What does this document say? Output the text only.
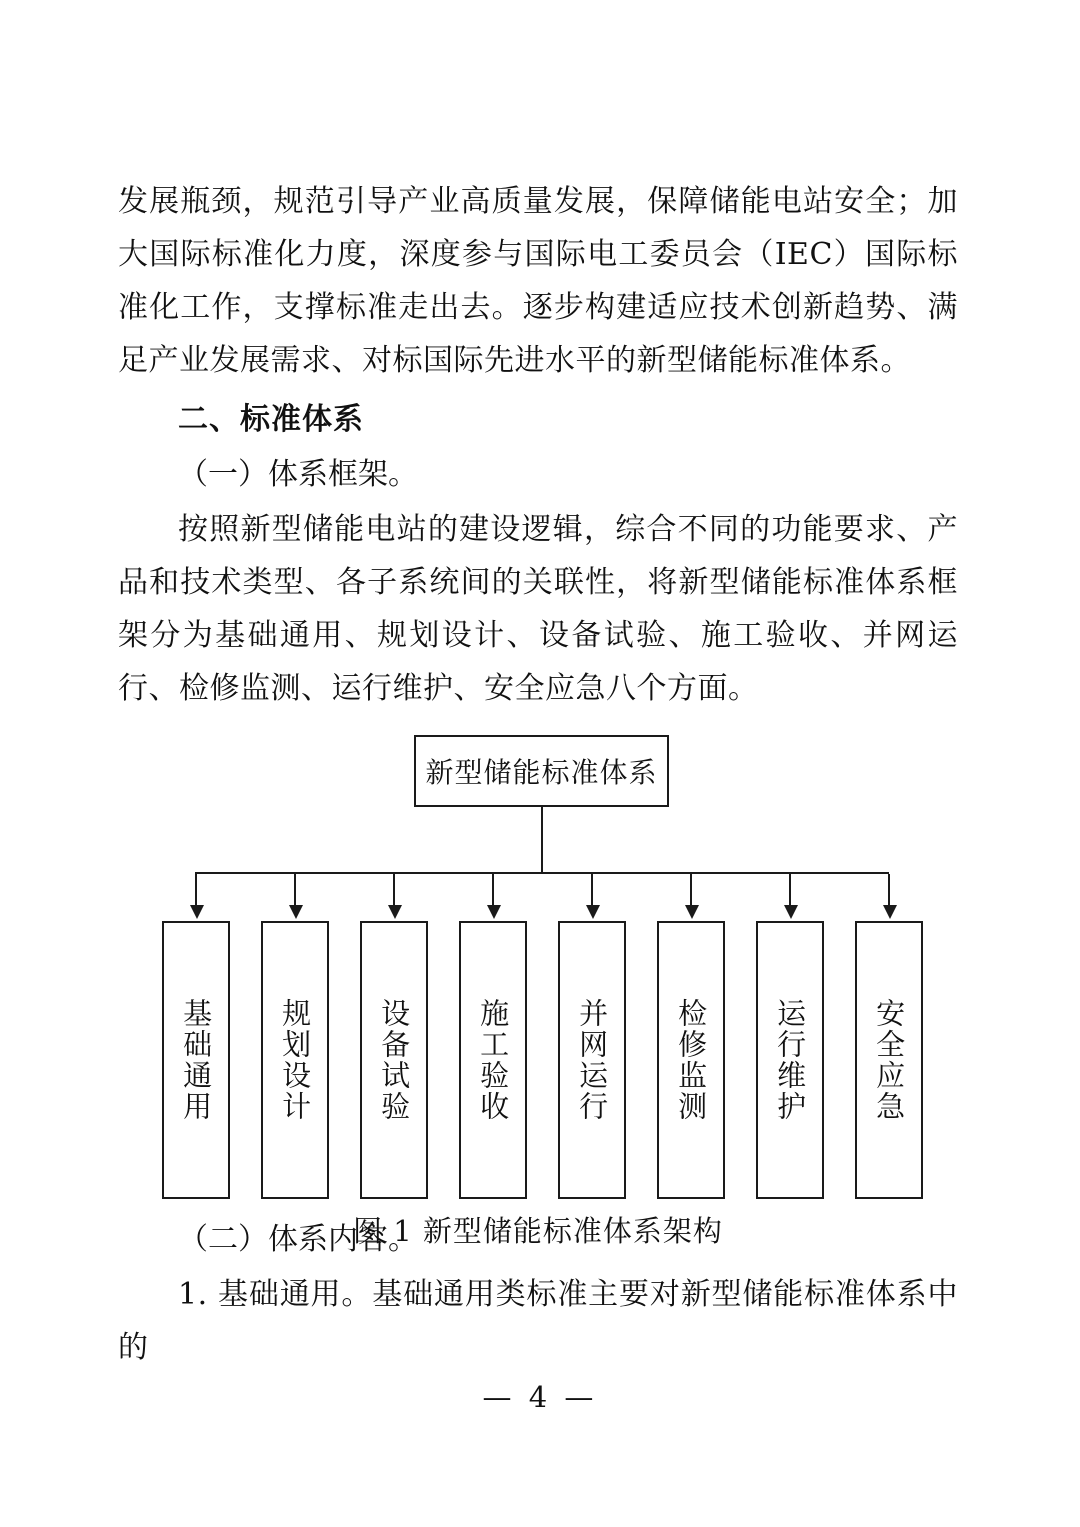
发展瓶颈，规范引导产业高质量发展，保障储能电站安全；加大国际标准化力度，深度参与国际电工委员会（IEC）国际标准化工作，支撑标准走出去。逐步构建适应技术创新趋势、满足产业发展需求、对标国际先进水平的新型储能标准体系。

二、标准体系

（一）体系框架。

按照新型储能电站的建设逻辑，综合不同的功能要求、产品和技术类型、各子系统间的关联性，将新型储能标准体系框架分为基础通用、规划设计、设备试验、施工验收、并网运行、检修监测、运行维护、安全应急八个方面。

新型储能标准体系
基础通用 规划设计 设备试验 施工验收 并网运行 检修监测 运行维护 安全应急
图 1 新型储能标准体系架构

（二）体系内容。

1. 基础通用。基础通用类标准主要对新型储能标准体系中的

— 4 —
